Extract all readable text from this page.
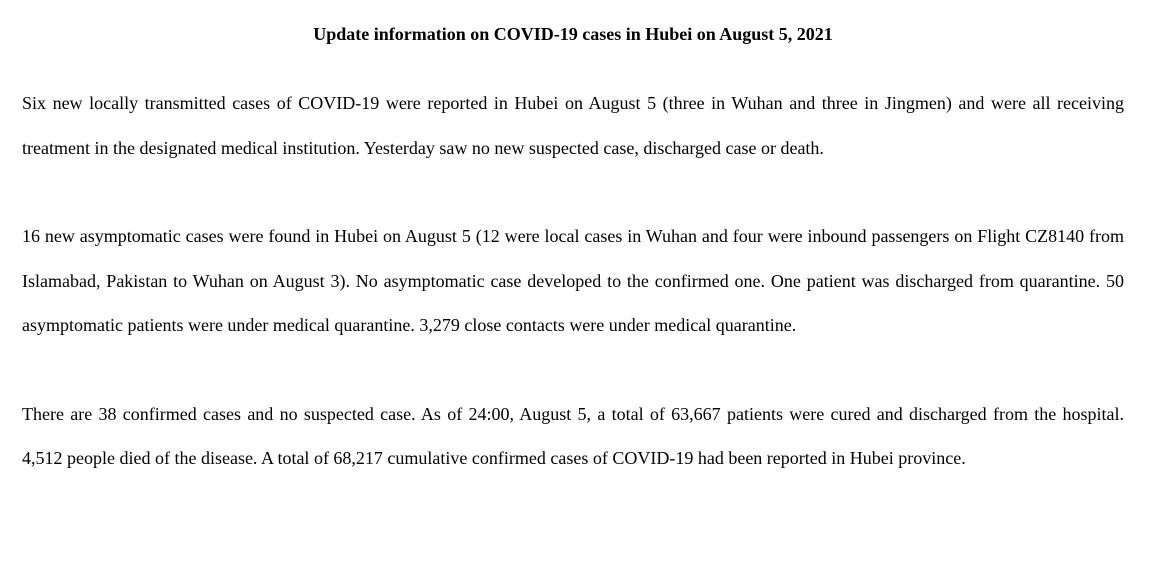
Update information on COVID-19 cases in Hubei on August 5, 2021

Six new locally transmitted cases of COVID-19 were reported in Hubei on August 5 (three in Wuhan and three in Jingmen) and were all receiving treatment in the designated medical institution. Yesterday saw no new suspected case, discharged case or death.

16 new asymptomatic cases were found in Hubei on August 5 (12 were local cases in Wuhan and four were inbound passengers on Flight CZ8140 from Islamabad, Pakistan to Wuhan on August 3). No asymptomatic case developed to the confirmed one. One patient was discharged from quarantine. 50 asymptomatic patients were under medical quarantine. 3,279 close contacts were under medical quarantine.

There are 38 confirmed cases and no suspected case. As of 24:00, August 5, a total of 63,667 patients were cured and discharged from the hospital. 4,512 people died of the disease. A total of 68,217 cumulative confirmed cases of COVID-19 had been reported in Hubei province.
